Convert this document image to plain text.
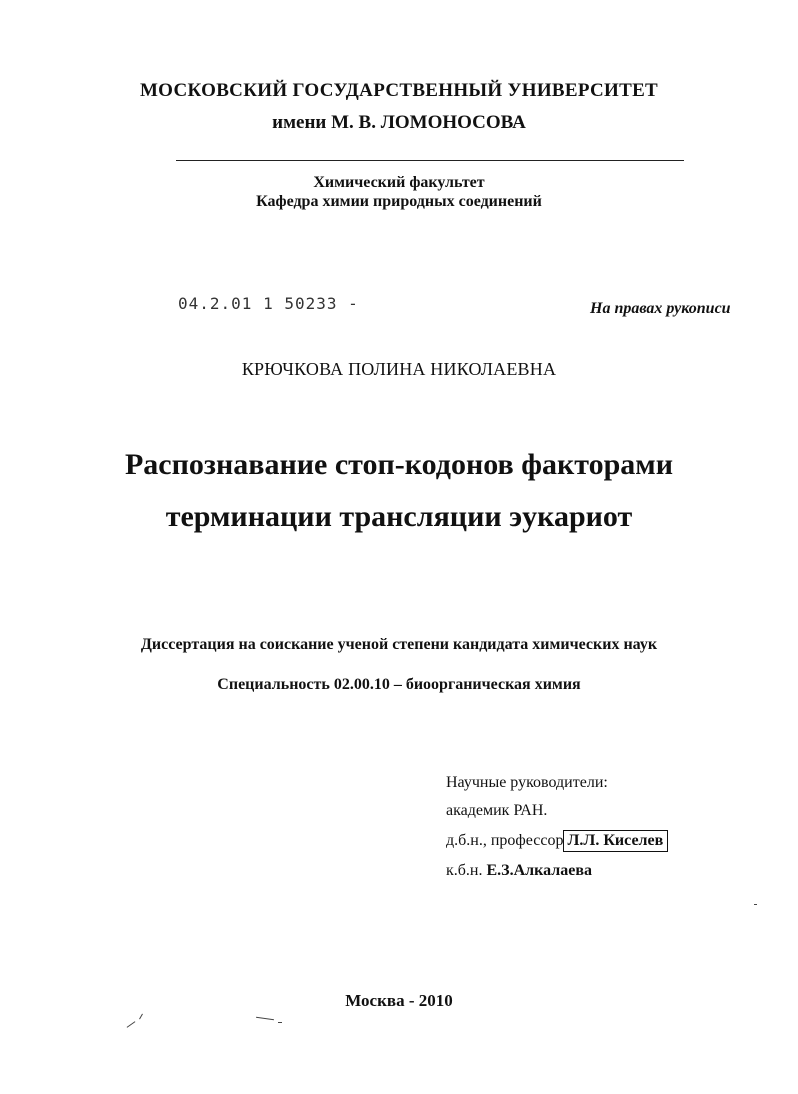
МОСКОВСКИЙ ГОСУДАРСТВЕННЫЙ УНИВЕРСИТЕТ
имени М. В. ЛОМОНОСОВА
Химический факультет
Кафедра химии природных соединений
04.2.01 1 50233 -	На правах рукописи
КРЮЧКОВА ПОЛИНА НИКОЛАЕВНА
Распознавание стоп-кодонов факторами
терминации трансляции эукариот
Диссертация на соискание ученой степени кандидата химических наук
Специальность 02.00.10 – биоорганическая химия
Научные руководители:
академик РАН.
д.б.н., профессор Л.Л. Киселев
к.б.н. Е.З.Алкалаева
Москва - 2010
